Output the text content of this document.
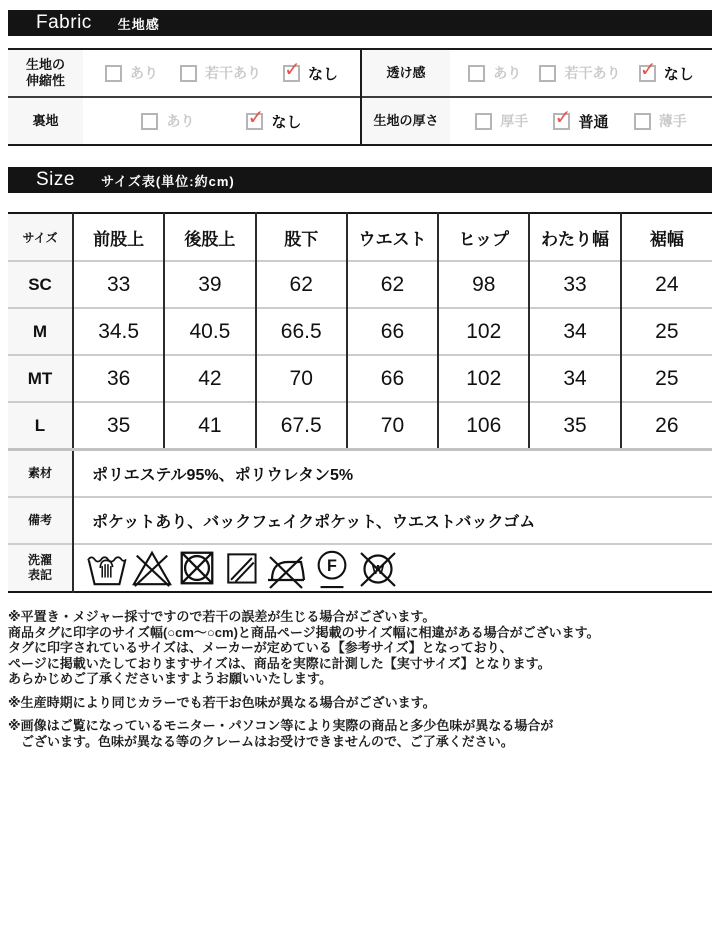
Fabric 生地感
生地の
伸縮性	あり	若干あり ✓	なし
裏地	あり ✓	なし
透け感	あり	若干あり ✓	なし
生地の厚さ	厚手 ✓	普通	薄手
Size サイズ表(単位:約cm)
サイズ	前股上	後股上	股下	ウエスト	ヒップ	わたり幅	裾幅
SC	33	39	62	62	98	33	24
M	34.5	40.5	66.5	66	102	34	25
MT	36	42	70	66	102	34	25
L	35	41	67.5	70	106	35	26
素材	ポリエステル95%、ポリウレタン5%						
備考	ポケットあり、バックフェイクポケット、ウエストバックゴム						

洗濯
表記	F W						
※平置き・メジャー採寸ですので若干の誤差が生じる場合がございます。
商品タグに印字のサイズ幅(○cm〜○cm)と商品ページ掲載のサイズ幅に相違がある場合がございます。
タグに印字されているサイズは、メーカーが定めている【参考サイズ】となっており、
ページに掲載いたしておりますサイズは、商品を実際に計測した【実寸サイズ】となります。
あらかじめご了承くださいますようお願いいたします。
※生産時期により同じカラーでも若干お色味が異なる場合がございます。
※画像はご覧になっているモニター・パソコン等により実際の商品と多少色味が異なる場合が
ございます。色味が異なる等のクレームはお受けできませんので、ご了承ください。
